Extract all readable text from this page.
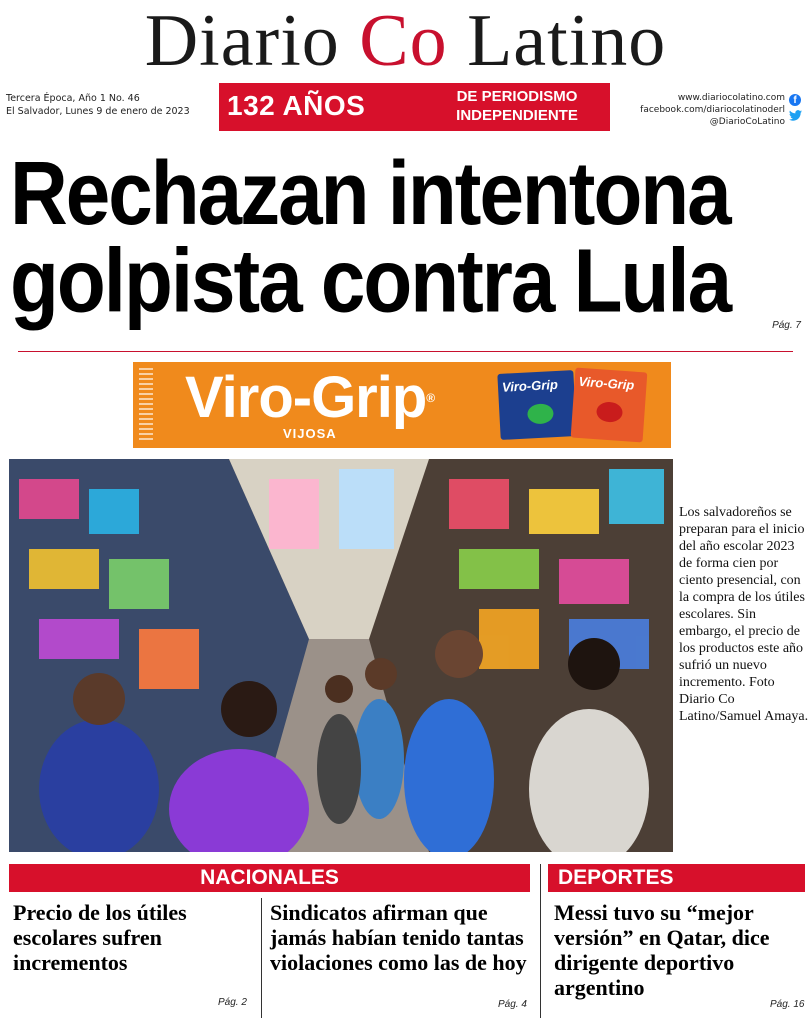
Diario Co Latino
Tercera Época, Año 1 No. 46
El Salvador, Lunes 9 de enero de 2023 132 AÑOS	DE PERIODISMO
INDEPENDIENTE
www.diariocolatino.com
facebook.com/diariocolatinoderl
@DiarioCoLatino
f
Rechazan intentona
golpista contra Lula	Pág. 7
Viro-Grip®
VIJOSA
Viro-Grip Viro-Grip
Los salvadoreños se preparan para el inicio del año escolar 2023 de forma cien por ciento presencial, con la compra de los útiles escolares. Sin embargo, el precio de los productos este año sufrió un nuevo incremento. Foto Diario Co Latino/Samuel Amaya.
NACIONALES	DEPORTES
Precio de los útiles escolares sufren incrementos
Pág. 2
Sindicatos afirman que jamás habían tenido tantas violaciones como las de hoy
Pág. 4
Messi tuvo su “mejor versión” en Qatar, dice dirigente deportivo argentino
Pág. 16
